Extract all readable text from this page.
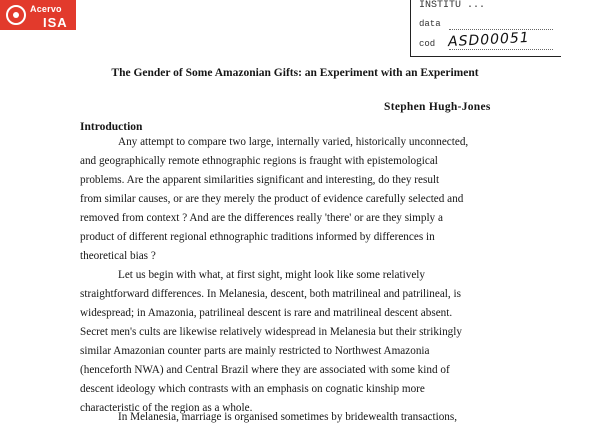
Acervo
ISA
INSTITU ...
data
cod ASD00051
The Gender of Some Amazonian Gifts: an Experiment with an Experiment
Stephen Hugh-Jones
Introduction
Any attempt to compare two large, internally varied, historically unconnected,
and geographically remote ethnographic regions is fraught with epistemological
problems. Are the apparent similarities significant and interesting, do they result
from similar causes, or are they merely the product of evidence carefully selected and
removed from context ? And are the differences really 'there' or are they simply a
product of different regional ethnographic traditions informed by differences in
theoretical bias ?
Let us begin with what, at first sight, might look like some relatively
straightforward differences. In Melanesia, descent, both matrilineal and patrilineal, is
widespread; in Amazonia, patrilineal descent is rare and matrilineal descent absent.
Secret men's cults are likewise relatively widespread in Melanesia but their strikingly
similar Amazonian counter parts are mainly restricted to Northwest Amazonia
(henceforth NWA) and Central Brazil where they are associated with some kind of
descent ideology which contrasts with an emphasis on cognatic kinship more
characteristic of the region as a whole.
In Melanesia, marriage is organised sometimes by bridewealth transactions,
